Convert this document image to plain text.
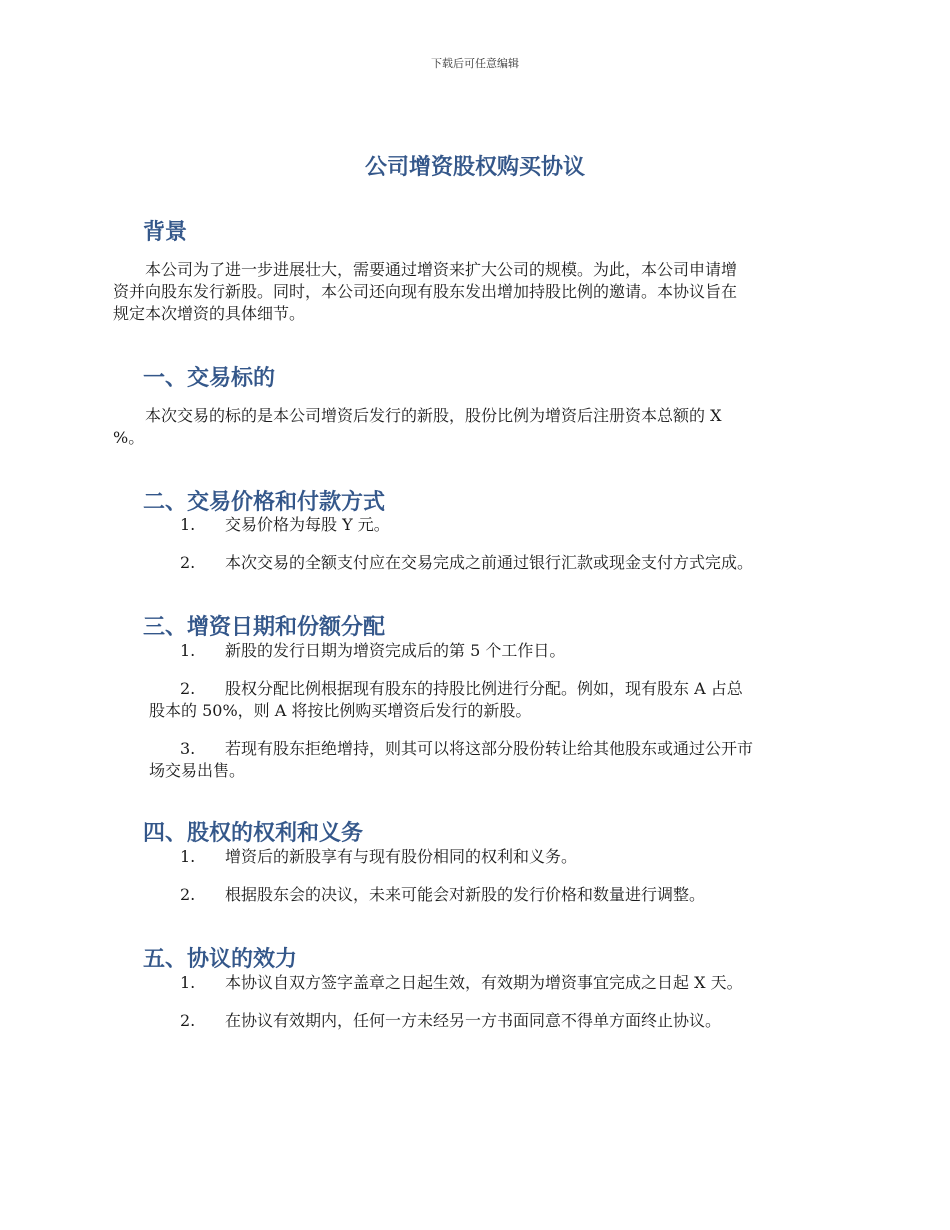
下载后可任意编辑
公司增资股权购买协议
背景
本公司为了进一步进展壮大，需要通过增资来扩大公司的规模。为此，本公司申请增
资并向股东发行新股。同时，本公司还向现有股东发出增加持股比例的邀请。本协议旨在
规定本次增资的具体细节。
一、交易标的
本次交易的标的是本公司增资后发行的新股，股份比例为增资后注册资本总额的 X
%。
二、交易价格和付款方式
1. 交易价格为每股 Y 元。
2. 本次交易的全额支付应在交易完成之前通过银行汇款或现金支付方式完成。
三、增资日期和份额分配
1. 新股的发行日期为增资完成后的第 5 个工作日。
2. 股权分配比例根据现有股东的持股比例进行分配。例如，现有股东 A 占总
股本的 50%，则 A 将按比例购买增资后发行的新股。
3. 若现有股东拒绝增持，则其可以将这部分股份转让给其他股东或通过公开市
场交易出售。
四、股权的权利和义务
1. 增资后的新股享有与现有股份相同的权利和义务。
2. 根据股东会的决议，未来可能会对新股的发行价格和数量进行调整。
五、协议的效力
1. 本协议自双方签字盖章之日起生效，有效期为增资事宜完成之日起 X 天。
2. 在协议有效期内，任何一方未经另一方书面同意不得单方面终止协议。
